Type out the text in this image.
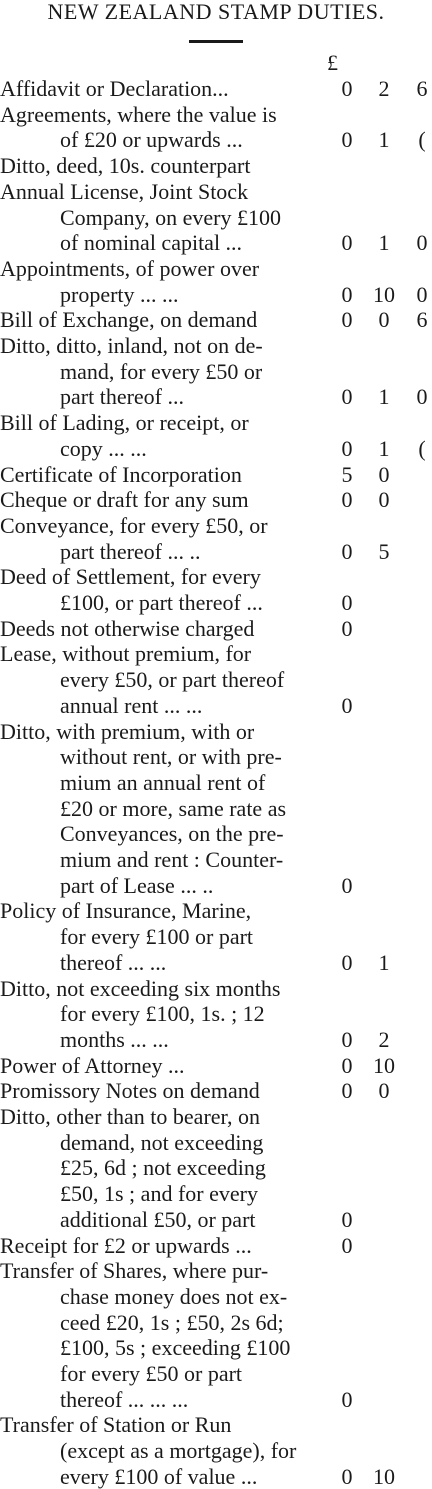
NEW ZEALAND STAMP DUTIES.
£
Affidavit or Declaration...	0	2	6
Agreements, where the value is
of £20 or upwards ...	0	1	(
Ditto, deed, 10s. counterpart
Annual License, Joint Stock
Company, on every £100
of nominal capital ...	0	1	0
Appointments, of power over
property ... ...	0 10 0
Bill of Exchange, on demand	0	0	6
Ditto, ditto, inland, not on de-
mand, for every £50 or
part thereof ...	0	1	0
Bill of Lading, or receipt, or
copy ... ...	0	1	(
Certificate of Incorporation	5	0
Cheque or draft for any sum	0	0
Conveyance, for every £50, or
part thereof ... ..	0	5
Deed of Settlement, for every
£100, or part thereof ...	0
Deeds not otherwise charged	0
Lease, without premium, for
every £50, or part thereof
annual rent ... ...	0
Ditto, with premium, with or
without rent, or with pre-
mium an annual rent of
£20 or more, same rate as
Conveyances, on the pre-
mium and rent : Counter-
part of Lease ... ..	0
Policy of Insurance, Marine,
for every £100 or part
thereof ... ...	0	1
Ditto, not exceeding six months
for every £100, 1s. ; 12
months ... ...	0	2
Power of Attorney ...	0 10
Promissory Notes on demand	0	0
Ditto, other than to bearer, on
demand, not exceeding
£25, 6d ; not exceeding
£50, 1s ; and for every
additional £50, or part	0
Receipt for £2 or upwards ...	0
Transfer of Shares, where pur-
chase money does not ex-
ceed £20, 1s ; £50, 2s 6d;
£100, 5s ; exceeding £100
for every £50 or part
thereof ... ... ...	0
Transfer of Station or Run
(except as a mortgage), for
every £100 of value ...	0 10
